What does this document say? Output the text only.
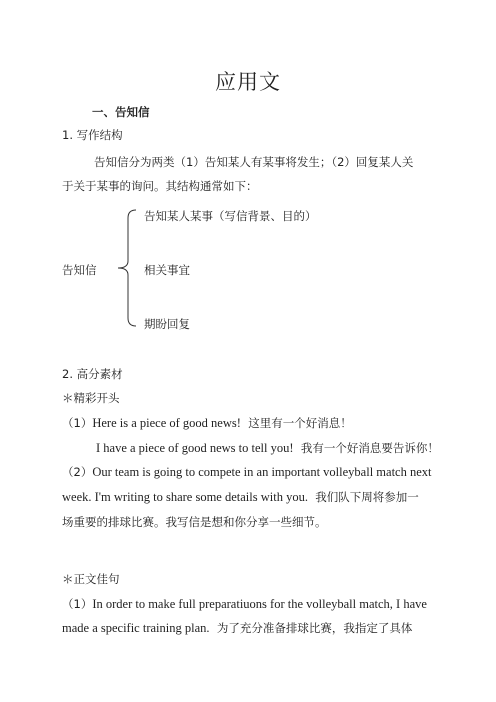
应用文
一、告知信
1. 写作结构
告知信分为两类（1）告知某人有某事将发生；（2）回复某人关
于关于某事的询问。其结构通常如下：
告知信
告知某人某事（写信背景、目的）
相关事宜
期盼回复
2. 高分素材
＊精彩开头
（1）Here is a piece of good news! 这里有一个好消息！
I have a piece of good news to tell you! 我有一个好消息要告诉你！
（2）Our team is going to compete in an important volleyball match next
week. I'm writing to share some details with you. 我们队下周将参加一
场重要的排球比赛。我写信是想和你分享一些细节。
＊正文佳句
（1）In order to make full preparatiuons for the volleyball match, I have
made a specific training plan. 为了充分准备排球比赛，我指定了具体
